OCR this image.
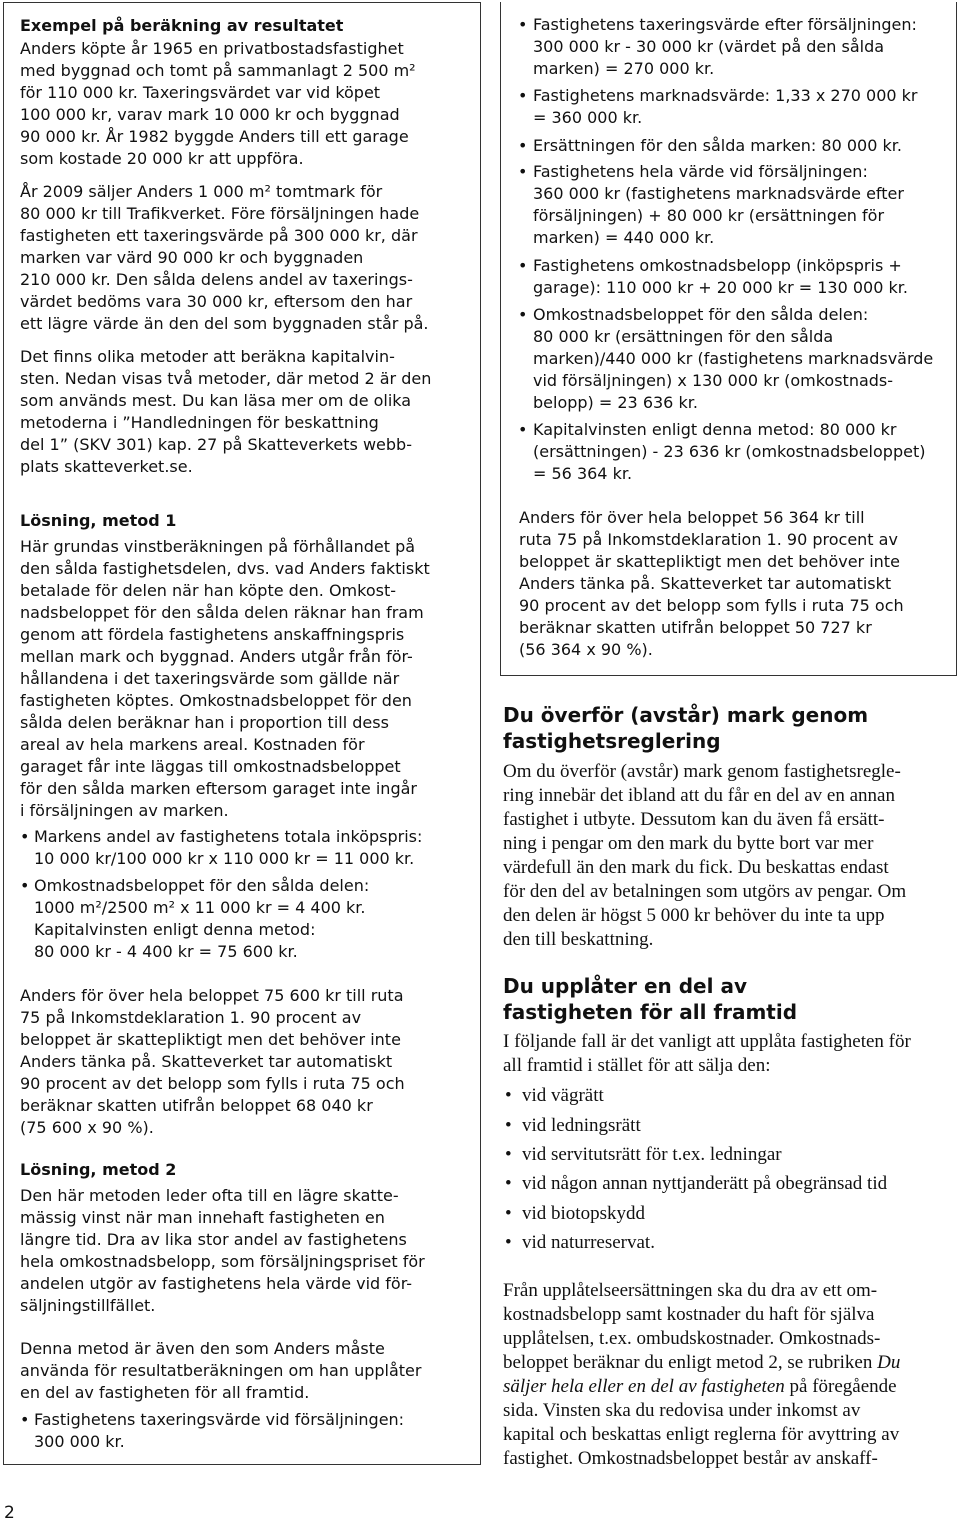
Exempel på beräkning av resultatet

Anders köpte år 1965 en privatbostadsfastighet
med byggnad och tomt på sammanlagt 2 500 m²
för 110 000 kr. Taxeringsvärdet var vid köpet
100 000 kr, varav mark 10 000 kr och byggnad
90 000 kr. År 1982 byggde Anders till ett garage
som kostade 20 000 kr att uppföra.

År 2009 säljer Anders 1 000 m² tomtmark för
80 000 kr till Trafikverket. Före försäljningen hade
fastigheten ett taxeringsvärde på 300 000 kr, där
marken var värd 90 000 kr och byggnaden
210 000 kr. Den sålda delens andel av taxerings-
värdet bedöms vara 30 000 kr, eftersom den har
ett lägre värde än den del som byggnaden står på.

Det finns olika metoder att beräkna kapitalvin-
sten. Nedan visas två metoder, där metod 2 är den
som används mest. Du kan läsa mer om de olika
metoderna i ”Handledningen för beskattning
del 1” (SKV 301) kap. 27 på Skatteverkets webb-
plats skatteverket.se.

Lösning, metod 1

Här grundas vinstberäkningen på förhållandet på
den sålda fastighetsdelen, dvs. vad Anders faktiskt
betalade för delen när han köpte den. Omkost-
nadsbeloppet för den sålda delen räknar han fram
genom att fördela fastighetens anskaffningspris
mellan mark och byggnad. Anders utgår från för-
hållandena i det taxeringsvärde som gällde när
fastigheten köptes. Omkostnadsbeloppet för den
sålda delen beräknar han i proportion till dess
areal av hela markens areal. Kostnaden för
garaget får inte läggas till omkostnadsbeloppet
för den sålda marken eftersom garaget inte ingår
i försäljningen av marken.

• Markens andel av fastighetens totala inköpspris:
10 000 kr/100 000 kr x 110 000 kr = 11 000 kr.

• Omkostnadsbeloppet för den sålda delen:
1000 m²/2500 m² x 11 000 kr = 4 400 kr.
Kapitalvinsten enligt denna metod:
80 000 kr - 4 400 kr = 75 600 kr.

Anders för över hela beloppet 75 600 kr till ruta
75 på Inkomstdeklaration 1. 90 procent av
beloppet är skattepliktigt men det behöver inte
Anders tänka på. Skatteverket tar automatiskt
90 procent av det belopp som fylls i ruta 75 och
beräknar skatten utifrån beloppet 68 040 kr
(75 600 x 90 %).

Lösning, metod 2

Den här metoden leder ofta till en lägre skatte-
mässig vinst när man innehaft fastigheten en
längre tid. Dra av lika stor andel av fastighetens
hela omkostnadsbelopp, som försäljningspriset för
andelen utgör av fastighetens hela värde vid för-
säljningstillfället.

Denna metod är även den som Anders måste
använda för resultatberäkningen om han upplåter
en del av fastigheten för all framtid.

• Fastighetens taxeringsvärde vid försäljningen:
300 000 kr.

• Fastighetens taxeringsvärde efter försäljningen:
300 000 kr - 30 000 kr (värdet på den sålda
marken) = 270 000 kr.

• Fastighetens marknadsvärde: 1,33 x 270 000 kr
= 360 000 kr.

• Ersättningen för den sålda marken: 80 000 kr.

• Fastighetens hela värde vid försäljningen:
360 000 kr (fastighetens marknadsvärde efter
försäljningen) + 80 000 kr (ersättningen för
marken) = 440 000 kr.

• Fastighetens omkostnadsbelopp (inköpspris +
garage): 110 000 kr + 20 000 kr = 130 000 kr.

• Omkostnadsbeloppet för den sålda delen:
80 000 kr (ersättningen för den sålda
marken)/440 000 kr (fastighetens marknadsvärde
vid försäljningen) x 130 000 kr (omkostnads-
belopp) = 23 636 kr.

• Kapitalvinsten enligt denna metod: 80 000 kr
(ersättningen) - 23 636 kr (omkostnadsbeloppet)
= 56 364 kr.

Anders för över hela beloppet 56 364 kr till
ruta 75 på Inkomstdeklaration 1. 90 procent av
beloppet är skattepliktigt men det behöver inte
Anders tänka på. Skatteverket tar automatiskt
90 procent av det belopp som fylls i ruta 75 och
beräknar skatten utifrån beloppet 50 727 kr
(56 364 x 90 %).

Du överför (avstår) mark genom
fastighetsreglering

Om du överför (avstår) mark genom fastighetsregle-
ring innebär det ibland att du får en del av en annan
fastighet i utbyte. Dessutom kan du även få ersätt-
ning i pengar om den mark du bytte bort var mer
värdefull än den mark du fick. Du beskattas endast
för den del av betalningen som utgörs av pengar. Om
den delen är högst 5 000 kr behöver du inte ta upp
den till beskattning.

Du upplåter en del av
fastigheten för all framtid

I följande fall är det vanligt att upplåta fastigheten för
all framtid i stället för att sälja den:

• vid vägrätt
• vid ledningsrätt
• vid servitutsrätt för t.ex. ledningar
• vid någon annan nyttjanderätt på obegränsad tid
• vid biotopskydd
• vid naturreservat.

Från upplåtelseersättningen ska du dra av ett om-
kostnadsbelopp samt kostnader du haft för själva
upplåtelsen, t.ex. ombudskostnader. Omkostnads-
beloppet beräknar du enligt metod 2, se rubriken Du
säljer hela eller en del av fastigheten på föregående
sida. Vinsten ska du redovisa under inkomst av
kapital och beskattas enligt reglerna för avyttring av
fastighet. Omkostnadsbeloppet består av anskaff-

2
